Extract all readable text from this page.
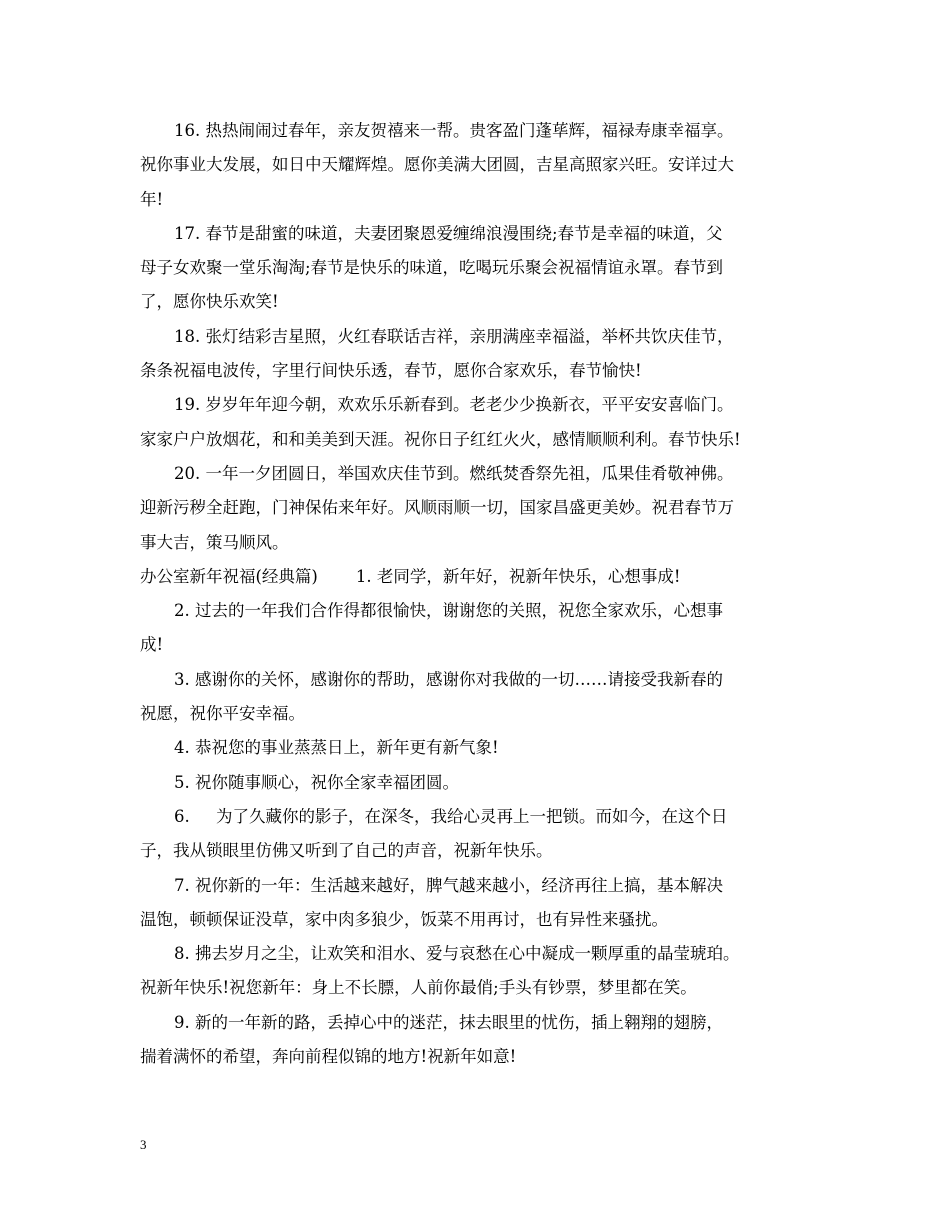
16. 热热闹闹过春年，亲友贺禧来一帮。贵客盈门蓬荜辉，福禄寿康幸福享。
祝你事业大发展，如日中天耀辉煌。愿你美满大团圆，吉星高照家兴旺。安详过大
年!
17. 春节是甜蜜的味道，夫妻团聚恩爱缠绵浪漫围绕;春节是幸福的味道，父
母子女欢聚一堂乐淘淘;春节是快乐的味道，吃喝玩乐聚会祝福情谊永罩。春节到
了，愿你快乐欢笑!
18. 张灯结彩吉星照，火红春联话吉祥，亲朋满座幸福溢，举杯共饮庆佳节，
条条祝福电波传，字里行间快乐透，春节，愿你合家欢乐，春节愉快!
19. 岁岁年年迎今朝，欢欢乐乐新春到。老老少少换新衣，平平安安喜临门。
家家户户放烟花，和和美美到天涯。祝你日子红红火火，感情顺顺利利。春节快乐!
20. 一年一夕团圆日，举国欢庆佳节到。燃纸焚香祭先祖，瓜果佳肴敬神佛。
迎新污秽全赶跑，门神保佑来年好。风顺雨顺一切，国家昌盛更美妙。祝君春节万
事大吉，策马顺风。
办公室新年祝福(经典篇) 1. 老同学，新年好，祝新年快乐，心想事成!
2. 过去的一年我们合作得都很愉快，谢谢您的关照，祝您全家欢乐，心想事
成!
3. 感谢你的关怀，感谢你的帮助，感谢你对我做的一切……请接受我新春的
祝愿，祝你平安幸福。
4. 恭祝您的事业蒸蒸日上，新年更有新气象!
5. 祝你随事顺心，祝你全家幸福团圆。
6.     为了久藏你的影子，在深冬，我给心灵再上一把锁。而如今，在这个日
子，我从锁眼里仿佛又听到了自己的声音，祝新年快乐。
7. 祝你新的一年：生活越来越好，脾气越来越小，经济再往上搞，基本解决
温饱，顿顿保证没草，家中肉多狼少，饭菜不用再讨，也有异性来骚扰。
8. 拂去岁月之尘，让欢笑和泪水、爱与哀愁在心中凝成一颗厚重的晶莹琥珀。
祝新年快乐!祝您新年：身上不长膘，人前你最俏;手头有钞票，梦里都在笑。
9. 新的一年新的路，丢掉心中的迷茫，抹去眼里的忧伤，插上翱翔的翅膀，
揣着满怀的希望，奔向前程似锦的地方!祝新年如意!
3
